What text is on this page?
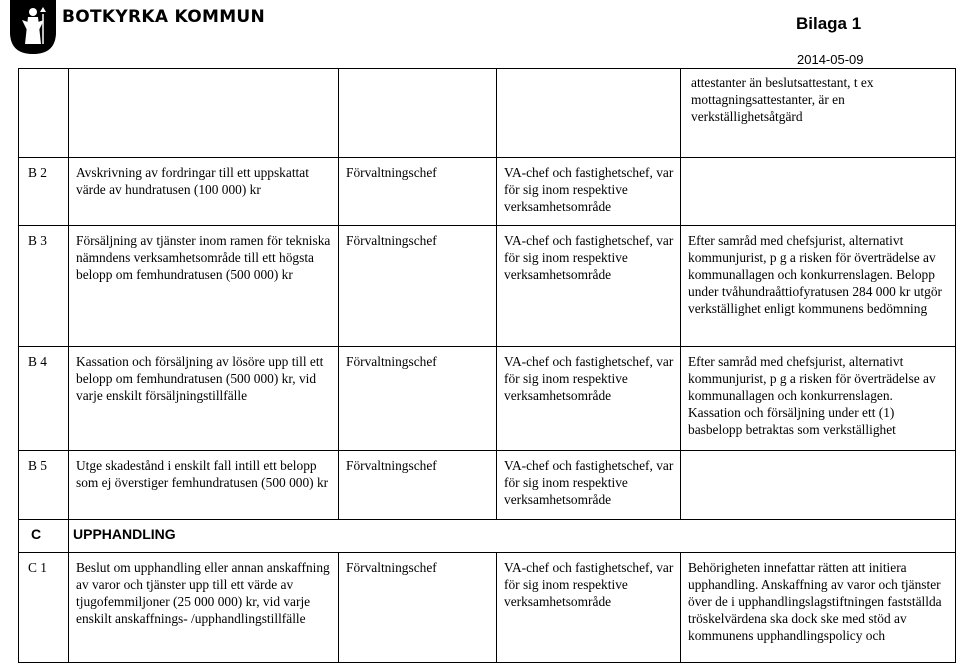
BOTKYRKA KOMMUN	Bilaga 1
2014-05-09

				attestanter än beslutsattestant, t ex mottagningsattestanter, är en verkställighetsåtgärd

B 2	Avskrivning av fordringar till ett uppskattat värde av hundratusen (100 000) kr	Förvaltningschef	VA-chef och fastighetschef, var för sig inom respektive verksamhetsområde	

B 3	Försäljning av tjänster inom ramen för tekniska nämndens verksamhetsområde till ett högsta belopp om femhundratusen (500 000) kr	Förvaltningschef	VA-chef och fastighetschef, var för sig inom respektive verksamhetsområde	Efter samråd med chefsjurist, alternativt kommunjurist, p g a risken för överträdelse av kommunallagen och konkurrenslagen. Belopp under tvåhundraåttiofyratusen 284 000 kr utgör verkställighet enligt kommunens bedömning

B 4	Kassation och försäljning av lösöre upp till ett belopp om femhundratusen (500 000) kr, vid varje enskilt försäljningstillfälle	Förvaltningschef	VA-chef och fastighetschef, var för sig inom respektive verksamhetsområde	Efter samråd med chefsjurist, alternativt kommunjurist, p g a risken för överträdelse av kommunallagen och konkurrenslagen. Kassation och försäljning under ett (1) basbelopp betraktas som verkställighet

B 5	Utge skadestånd i enskilt fall intill ett belopp som ej överstiger femhundratusen (500 000) kr	Förvaltningschef	VA-chef och fastighetschef, var för sig inom respektive verksamhetsområde	

C	UPPHANDLING			

C 1	Beslut om upphandling eller annan anskaffning av varor och tjänster upp till ett värde av tjugofemmiljoner (25 000 000) kr, vid varje enskilt anskaffnings- /upphandlingstillfälle	Förvaltningschef	VA-chef och fastighetschef, var för sig inom respektive verksamhetsområde	Behörigheten innefattar rätten att initiera upphandling. Anskaffning av varor och tjänster över de i upphandlingslagstiftningen fastställda tröskelvärdena ska dock ske med stöd av kommunens upphandlingspolicy och
